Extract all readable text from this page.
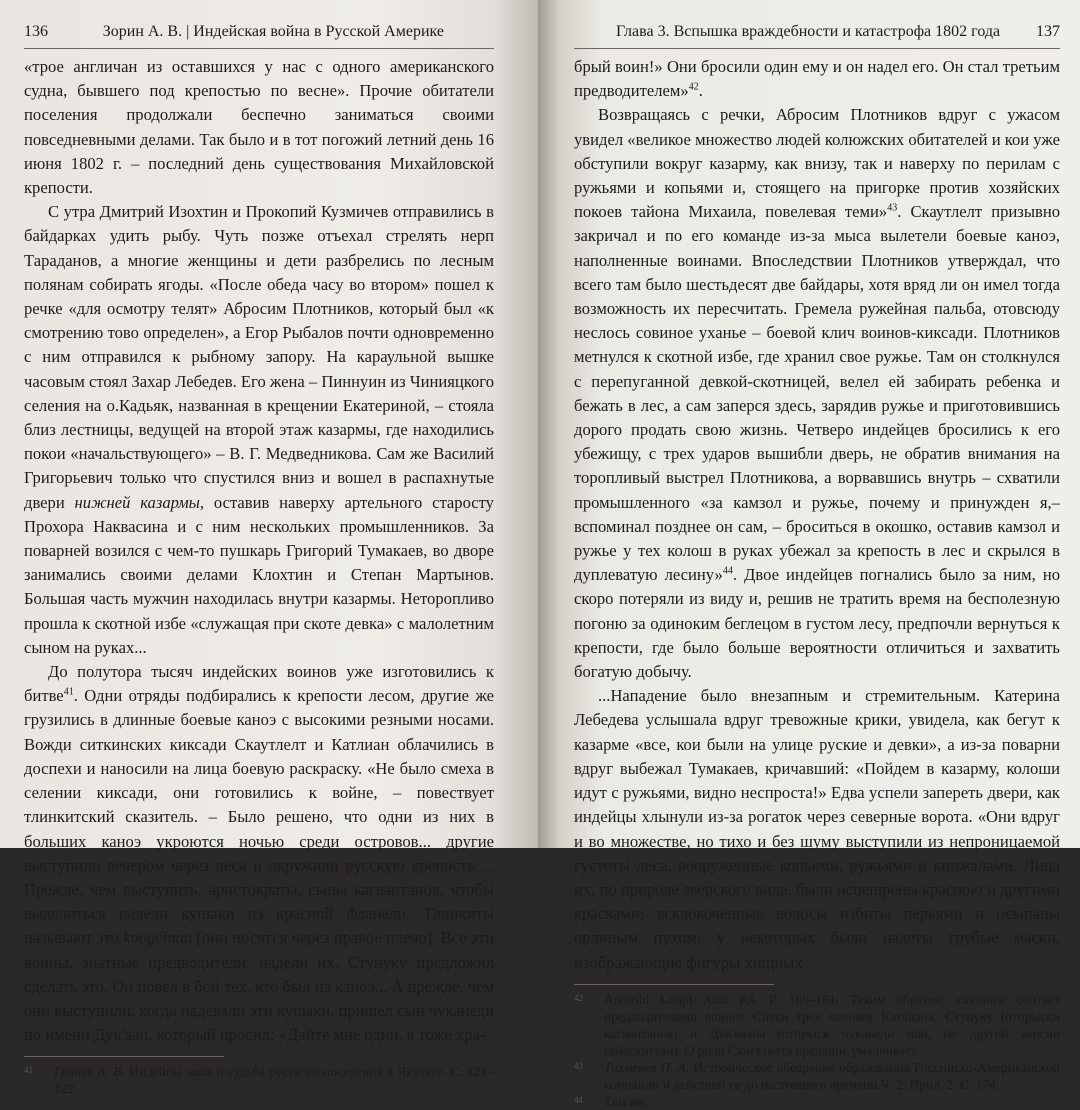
136	Зорин А. В. | Индейская война в Русской Америке

«трое англичан из оставшихся у нас с одного американского судна, бывшего под крепостью по весне». Прочие обитатели поселения продолжали беспечно заниматься своими повседневными делами. Так было и в тот погожий летний день 16 июня 1802 г. – последний день существования Михайловской крепости.

С утра Дмитрий Изохтин и Прокопий Кузмичев отправились в байдарках удить рыбу. Чуть позже отъехал стрелять нерп Тараданов, а многие женщины и дети разбрелись по лесным полянам собирать ягоды. «После обеда часу во втором» пошел к речке «для осмотру телят» Абросим Плотников, который был «к смотрению тово определен», а Егор Рыбалов почти одновременно с ним отправился к рыбному запору. На караульной вышке часовым стоял Захар Лебедев. Его жена – Пиннуин из Чинияцкого селения на о.Кадьяк, названная в крещении Екатериной, – стояла близ лестницы, ведущей на второй этаж казармы, где находились покои «начальствующего» – В. Г. Медведникова. Сам же Василий Григорьевич только что спустился вниз и вошел в распахнутые двери нижней казармы, оставив наверху артельного старосту Прохора Наквасина и с ним нескольких промышленников. За поварней возился с чем-то пушкарь Григорий Тумакаев, во дворе занимались своими делами Клохтин и Степан Мартынов. Большая часть мужчин находилась внутри казармы. Неторопливо прошла к скотной избе «служащая при скоте девка» с малолетним сыном на руках...

До полутора тысяч индейских воинов уже изготовились к битве$^{41}$. Одни отряды подбирались к крепости лесом, другие же грузились в длинные боевые каноэ с высокими резными носами. Вожди ситкинских киксади Скаутлелт и Катлиан облачились в доспехи и наносили на лица боевую раскраску. «Не было смеха в селении киксади, они готовились к войне, – повествует тлинкитский сказитель. – Было решено, что одни из них в больших каноэ укроются ночью среди островов... другие выступили вечером через леса и окружили русскую крепость ... Прежде, чем выступить, аристократы, сыны кагвантанов, чтобы выделиться надели кушаки из красной фланели. Тлинкиты называют это koogéinaa [они носятся через правое плечо]. Все эти воины, знатные предводители, надели их. Стунуку предложил сделать это. Он повел в бой тех, кто был на каноэ... А прежде, чем они выступили, когда надевали эти кушаки, пришел сын чуканеди по имени Дук'аан, который просил: «Дайте мне один, я тоже хра-

41	Гринев А. В. Индейцы эяки и судьба русского поселения в Якутате. С. 121–122.
Глава 3. Вспышка враждебности и катастрофа 1802 года 137

брый воин!» Они бросили один ему и он надел его. Он стал третьим предводителем»$^{42}$.

Возвращаясь с речки, Абросим Плотников вдруг с ужасом увидел «великое множество людей колюжских обитателей и кои уже обступили вокруг казарму, как внизу, так и наверху по перилам с ружьями и копьями и, стоящего на пригорке против хозяйских покоев тайона Михаила, повелевая теми»$^{43}$. Скаутлелт призывно закричал и по его команде из-за мыса вылетели боевые каноэ, наполненные воинами. Впоследствии Плотников утверждал, что всего там было шестьдесят две байдары, хотя вряд ли он имел тогда возможность их пересчитать. Гремела ружейная пальба, отовсюду неслось совиное уханье – боевой клич воинов-киксади. Плотников метнулся к скотной избе, где хранил свое ружье. Там он столкнулся с перепуганной девкой-скотницей, велел ей забирать ребенка и бежать в лес, а сам заперся здесь, зарядив ружье и приготовившись дорого продать свою жизнь. Четверо индейцев бросились к его убежищу, с трех ударов вышибли дверь, не обратив внимания на торопливый выстрел Плотникова, а ворвавшись внутрь – схватили промышленного «за камзол и ружье, почему и принужден я,– вспоминал позднее он сам, – броситься в окошко, оставив камзол и ружье у тех колош в руках убежал за крепость в лес и скрылся в дуплеватую лесину»$^{44}$. Двое индейцев погнались было за ним, но скоро потеряли из виду и, решив не тратить время на бесполезную погоню за одиноким беглецом в густом лесу, предпочли вернуться к крепости, где было больше вероятности отличиться и захватить богатую добычу.

...Нападение было внезапным и стремительным. Катерина Лебедева услышала вдруг тревожные крики, увидела, как бегут к казарме «все, кои были на улице руские и девки», а из-за поварни вдруг выбежал Тумакаев, кричавший: «Пойдем в казарму, колоши идут с ружьями, видно неспроста!» Едва успели запереть двери, как индейцы хлынули из-за рогаток через северные ворота. «Они вдруг и во множестве, но тихо и без шуму выступили из непроницаемой густоты леса, вооруженные копьями, ружьями и кинжалами. Лица их, по природе зверского вида, были испещрены красною и другими красками; всклокоченные волосы избиты перьями и осыпаны орлиным пухом; у некоторых были надеты грубые маски, изображающие фигуры хищных

42	Anóoshi Lingít Aaní Ká. P. 160–161. Таким образом, сказание считает предводителями воинов Ситки трех человек Катлиана, Стунуку (отпрыски кагвантанов) и Дук'ваана (отпрыск чуканеди или, по другой версии гайесхиттан). О роли Скаутлелта предание умалчивает.
43	Тихменев П. А. Историческое обозрение образования Российско-Американской компании и действий ее до настоящего времени.Ч. 2. Прил. 2. С. 174.
44	Там же.
